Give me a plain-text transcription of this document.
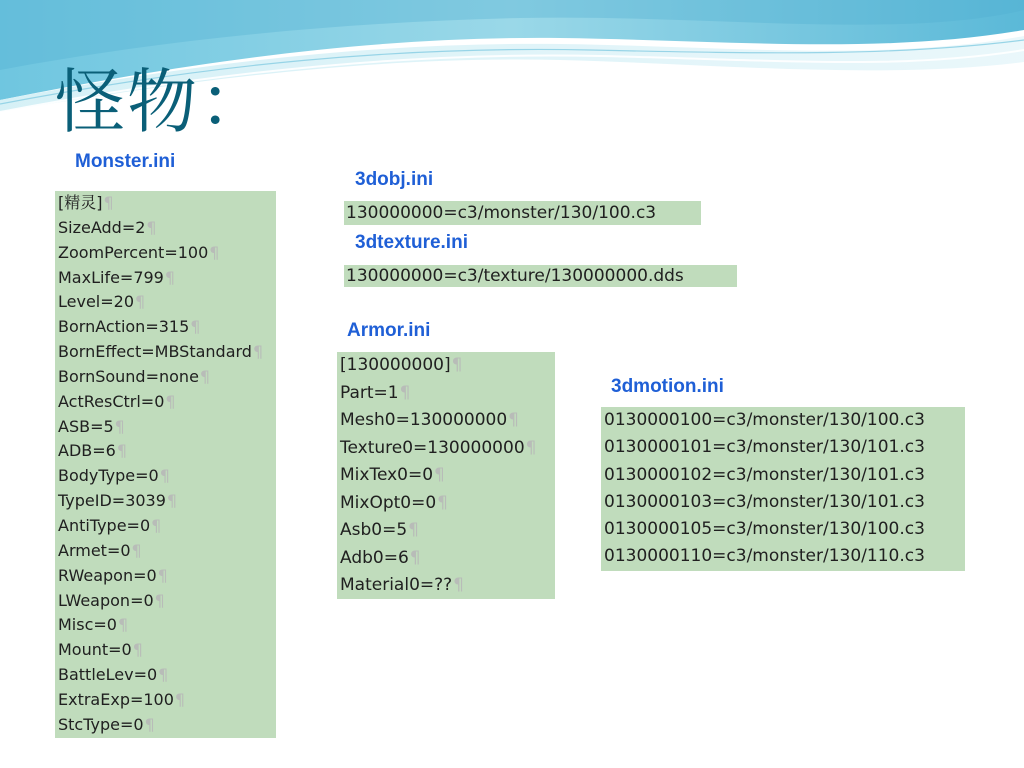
怪物：
Monster.ini
[精灵] ¶
SizeAdd=2 ¶
ZoomPercent=100 ¶
MaxLife=799 ¶
Level=20 ¶
BornAction=315 ¶
BornEffect=MBStandard ¶
BornSound=none ¶
ActResCtrl=0 ¶
ASB=5 ¶
ADB=6 ¶
BodyType=0 ¶
TypeID=3039 ¶
AntiType=0 ¶
Armet=0 ¶
RWeapon=0 ¶
LWeapon=0 ¶
Misc=0 ¶
Mount=0 ¶
BattleLev=0 ¶
ExtraExp=100 ¶
StcType=0 ¶
3dobj.ini
130000000=c3/monster/130/100.c3
3dtexture.ini
130000000=c3/texture/130000000.dds
Armor.ini
[130000000] ¶
Part=1 ¶
Mesh0=130000000 ¶
Texture0=130000000 ¶
MixTex0=0 ¶
MixOpt0=0 ¶
Asb0=5 ¶
Adb0=6 ¶
Material0=?? ¶
3dmotion.ini
0130000100=c3/monster/130/100.c3
0130000101=c3/monster/130/101.c3
0130000102=c3/monster/130/101.c3
0130000103=c3/monster/130/101.c3
0130000105=c3/monster/130/100.c3
0130000110=c3/monster/130/110.c3
